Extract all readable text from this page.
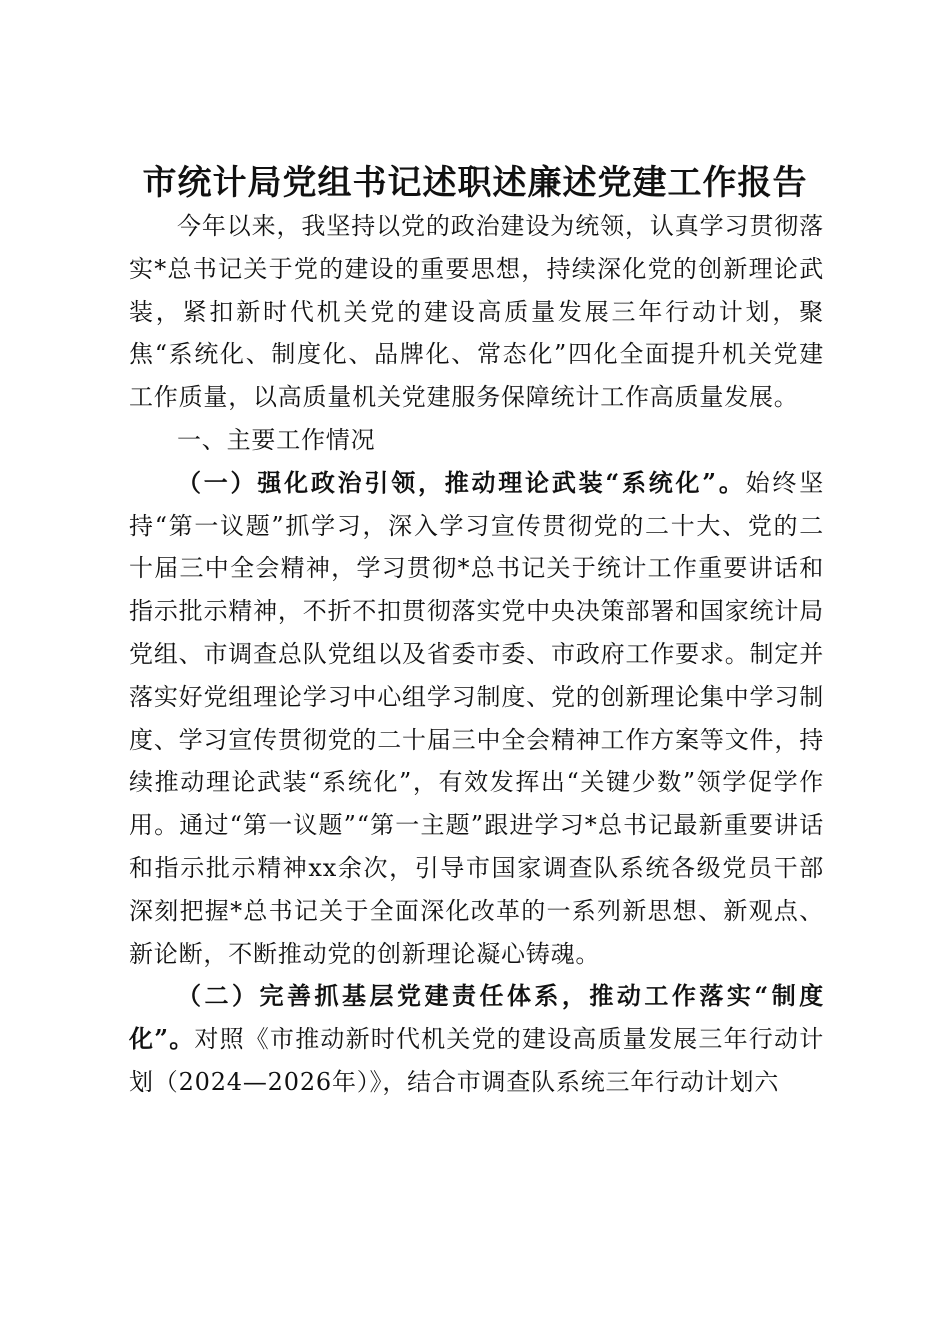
市统计局党组书记述职述廉述党建工作报告

今年以来，我坚持以党的政治建设为统领，认真学习贯彻落实*总书记关于党的建设的重要思想，持续深化党的创新理论武装，紧扣新时代机关党的建设高质量发展三年行动计划，聚焦“系统化、制度化、品牌化、常态化”四化全面提升机关党建工作质量，以高质量机关党建服务保障统计工作高质量发展。

一、主要工作情况

（一）强化政治引领，推动理论武装“系统化”。始终坚持“第一议题”抓学习，深入学习宣传贯彻党的二十大、党的二十届三中全会精神，学习贯彻*总书记关于统计工作重要讲话和指示批示精神，不折不扣贯彻落实党中央决策部署和国家统计局党组、市调查总队党组以及省委市委、市政府工作要求。制定并落实好党组理论学习中心组学习制度、党的创新理论集中学习制度、学习宣传贯彻党的二十届三中全会精神工作方案等文件，持续推动理论武装“系统化”，有效发挥出“关键少数”领学促学作用。通过“第一议题”“第一主题”跟进学习*总书记最新重要讲话和指示批示精神xx余次，引导市国家调查队系统各级党员干部深刻把握*总书记关于全面深化改革的一系列新思想、新观点、新论断，不断推动党的创新理论凝心铸魂。

（二）完善抓基层党建责任体系，推动工作落实“制度化”。对照《市推动新时代机关党的建设高质量发展三年行动计划（2024—2026年）》，结合市调查队系统三年行动计划六
